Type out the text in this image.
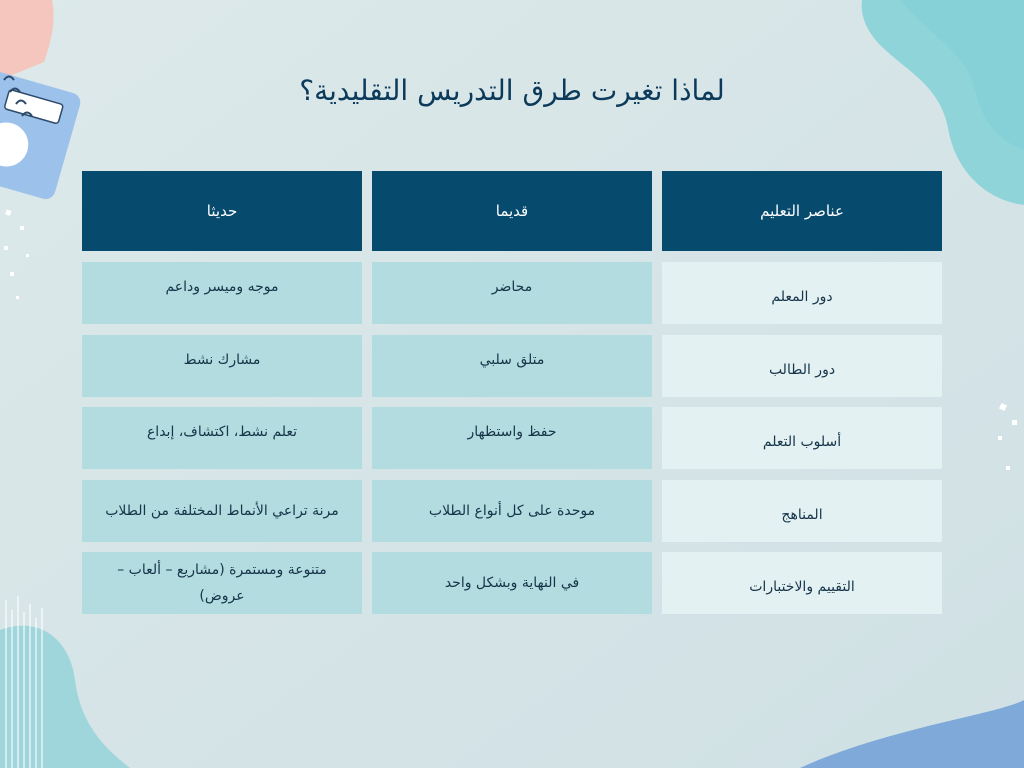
لماذا تغيرت طرق التدريس التقليدية؟
عناصر التعليم
قديما
حديثا
دور المعلم
محاضر
موجه وميسر وداعم
دور الطالب
متلق سلبي
مشارك نشط
أسلوب التعلم
حفظ واستظهار
تعلم نشط، اكتشاف، إبداع
المناهج
موحدة على كل أنواع الطلاب
مرنة تراعي الأنماط المختلفة من الطلاب
التقييم والاختبارات
في النهاية وبشكل واحد
متنوعة ومستمرة (مشاريع – ألعاب – عروض)
